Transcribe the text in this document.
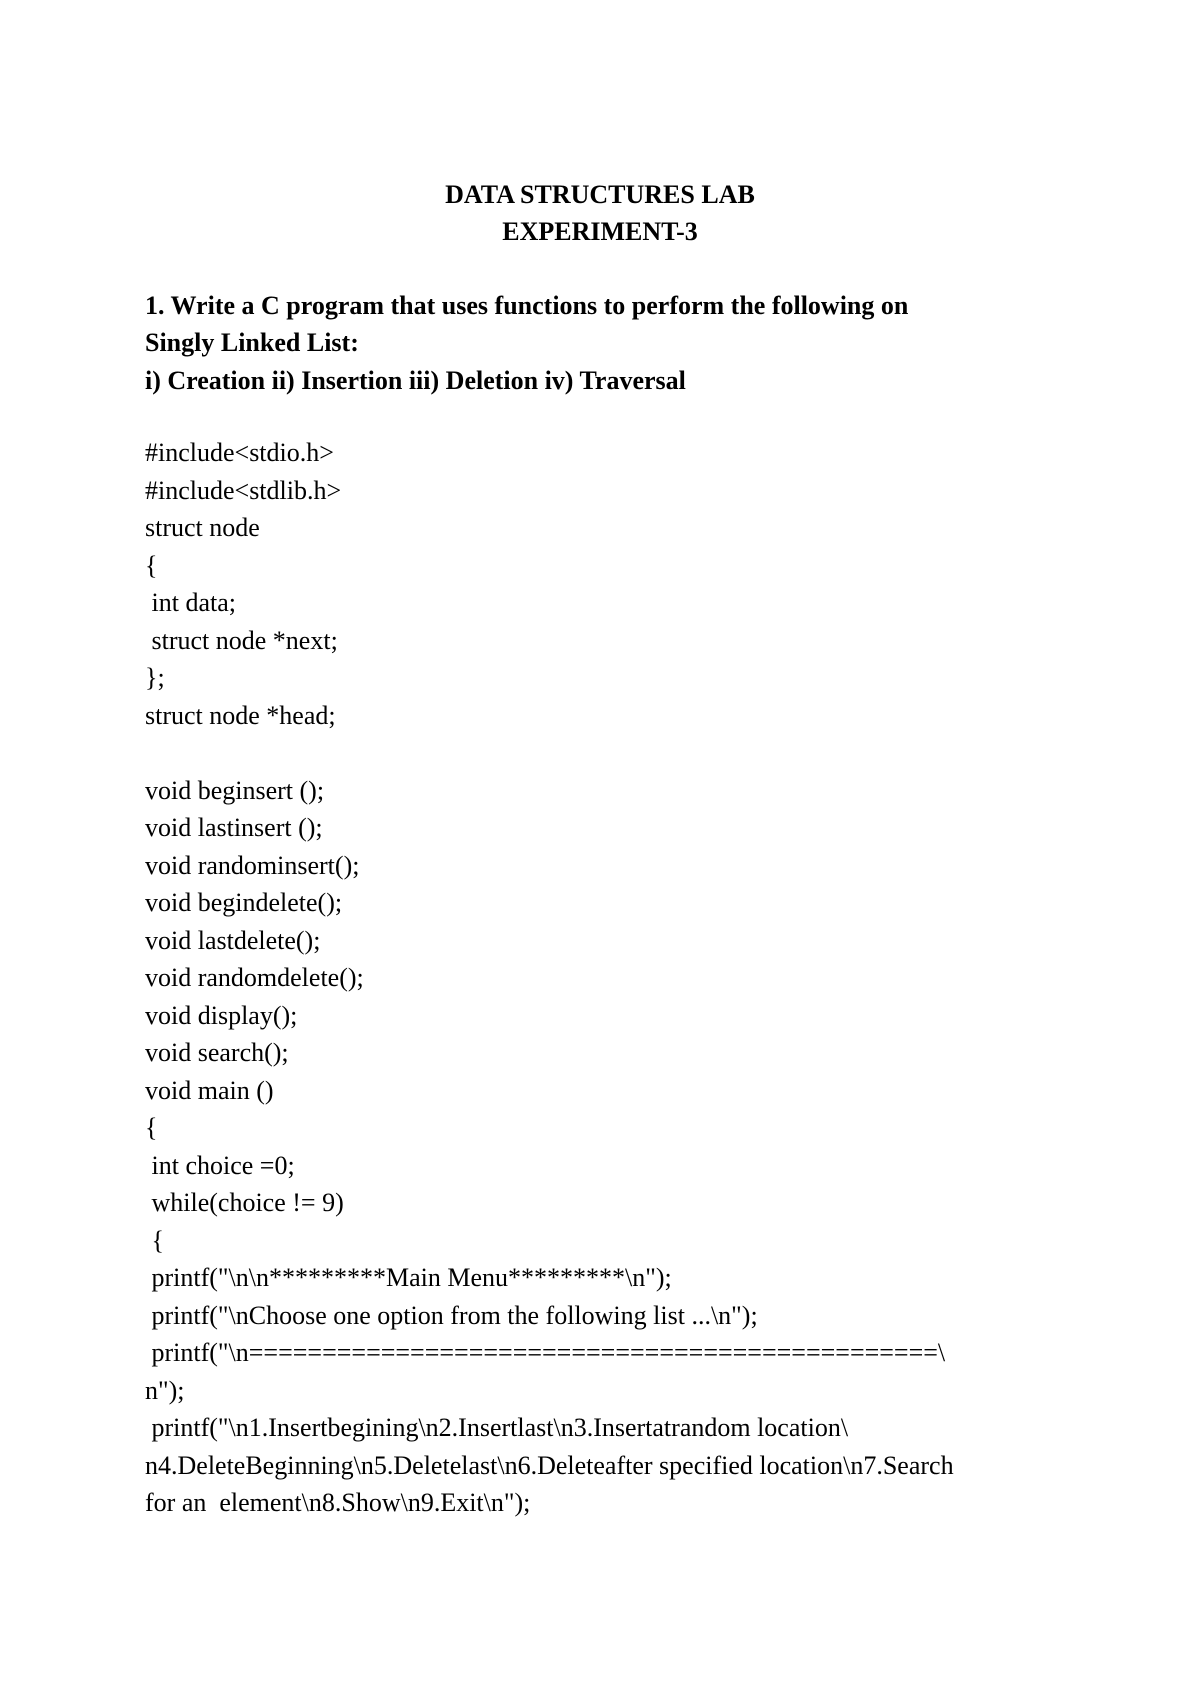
DATA STRUCTURES LAB
EXPERIMENT-3
1. Write a C program that uses functions to perform the following on
Singly Linked List:
i) Creation ii) Insertion iii) Deletion iv) Traversal
#include<stdio.h>
#include<stdlib.h>
struct node
{
int data;
struct node *next;
};
struct node *head;
void beginsert ();
void lastinsert ();
void randominsert();
void begindelete();
void lastdelete();
void randomdelete();
void display();
void search();
void main ()
{
int choice =0;
while(choice != 9)
{
printf("\n\n*********Main Menu*********\n");
printf("\nChoose one option from the following list ...\n");
printf("\n===============================================\
n");
printf("\n1.Insertbegining\n2.Insertlast\n3.Insertatrandom location\
n4.DeleteBeginning\n5.Deletelast\n6.Deleteafter specified location\n7.Search
for an  element\n8.Show\n9.Exit\n");
